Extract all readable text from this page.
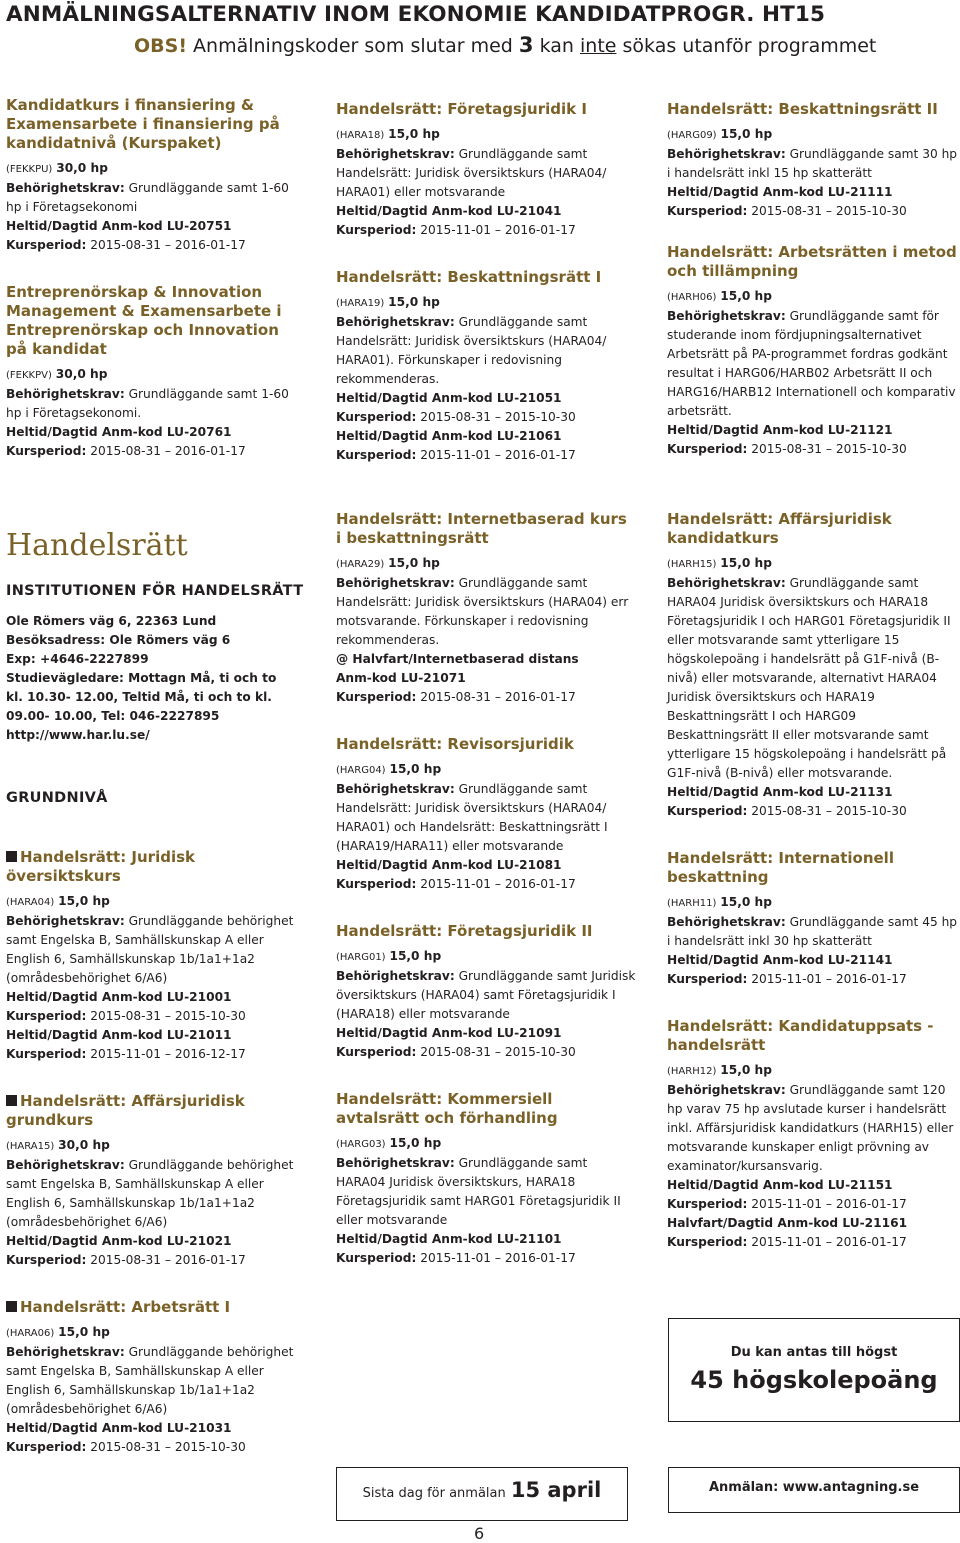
ANMÄLNINGSALTERNATIV INOM EKONOMIE KANDIDATPROGR. HT15
OBS! Anmälningskoder som slutar med 3 kan inte sökas utanför programmet
Kandidatkurs i finansiering & Examensarbete i finansiering på kandidatnivå (Kurspaket)
(FEKKPU) 30,0 hp
Behörighetskrav: Grundläggande samt 1-60 hp i Företagsekonomi
Heltid/Dagtid Anm-kod LU-20751
Kursperiod: 2015-08-31 – 2016-01-17
Entreprenörskap & Innovation Management & Examensarbete i Entreprenörskap och Innovation på kandidat
(FEKKPV) 30,0 hp
Behörighetskrav: Grundläggande samt 1-60 hp i Företagsekonomi.
Heltid/Dagtid Anm-kod LU-20761
Kursperiod: 2015-08-31 – 2016-01-17
Handelsrätt
INSTITUTIONEN FÖR HANDELSRÄTT
Ole Römers väg 6, 22363 Lund
Besöksadress: Ole Römers väg 6
Exp: +4646-2227899
Studievägledare: Mottagn Må, ti och to kl. 10.30- 12.00, Teltid Må, ti och to kl. 09.00- 10.00, Tel: 046-2227895
http://www.har.lu.se/
GRUNDNIVÅ
Handelsrätt: Juridisk översiktskurs
(HARA04) 15,0 hp
Behörighetskrav: Grundläggande behörighet samt Engelska B, Samhällskunskap A eller English 6, Samhällskunskap 1b/1a1+1a2 (områdesbehörighet 6/A6)
Heltid/Dagtid Anm-kod LU-21001
Kursperiod: 2015-08-31 – 2015-10-30
Heltid/Dagtid Anm-kod LU-21011
Kursperiod: 2015-11-01 – 2016-12-17
Handelsrätt: Affärsjuridisk grundkurs
(HARA15) 30,0 hp
Behörighetskrav: Grundläggande behörighet samt Engelska B, Samhällskunskap A eller English 6, Samhällskunskap 1b/1a1+1a2 (områdesbehörighet 6/A6)
Heltid/Dagtid Anm-kod LU-21021
Kursperiod: 2015-08-31 – 2016-01-17
Handelsrätt: Arbetsrätt I
(HARA06) 15,0 hp
Behörighetskrav: Grundläggande behörighet samt Engelska B, Samhällskunskap A eller English 6, Samhällskunskap 1b/1a1+1a2 (områdesbehörighet 6/A6)
Heltid/Dagtid Anm-kod LU-21031
Kursperiod: 2015-08-31 – 2015-10-30
Handelsrätt: Företagsjuridik I
(HARA18) 15,0 hp
Behörighetskrav: Grundläggande samt Handelsrätt: Juridisk översiktskurs (HARA04/ HARA01) eller motsvarande
Heltid/Dagtid Anm-kod LU-21041
Kursperiod: 2015-11-01 – 2016-01-17
Handelsrätt: Beskattningsrätt I
(HARA19) 15,0 hp
Behörighetskrav: Grundläggande samt Handelsrätt: Juridisk översiktskurs (HARA04/ HARA01). Förkunskaper i redovisning rekommenderas.
Heltid/Dagtid Anm-kod LU-21051
Kursperiod: 2015-08-31 – 2015-10-30
Heltid/Dagtid Anm-kod LU-21061
Kursperiod: 2015-11-01 – 2016-01-17
Handelsrätt: Internetbaserad kurs i beskattningsrätt
(HARA29) 15,0 hp
Behörighetskrav: Grundläggande samt Handelsrätt: Juridisk översiktskurs (HARA04) err motsvarande. Förkunskaper i redovisning rekommenderas.
@ Halvfart/Internetbaserad distans
Anm-kod LU-21071
Kursperiod: 2015-08-31 – 2016-01-17
Handelsrätt: Revisorsjuridik
(HARG04) 15,0 hp
Behörighetskrav: Grundläggande samt Handelsrätt: Juridisk översiktskurs (HARA04/ HARA01) och Handelsrätt: Beskattningsrätt I (HARA19/HARA11) eller motsvarande
Heltid/Dagtid Anm-kod LU-21081
Kursperiod: 2015-11-01 – 2016-01-17
Handelsrätt: Företagsjuridik II
(HARG01) 15,0 hp
Behörighetskrav: Grundläggande samt Juridisk översiktskurs (HARA04) samt Företagsjuridik I (HARA18) eller motsvarande
Heltid/Dagtid Anm-kod LU-21091
Kursperiod: 2015-08-31 – 2015-10-30
Handelsrätt: Kommersiell avtalsrätt och förhandling
(HARG03) 15,0 hp
Behörighetskrav: Grundläggande samt HARA04 Juridisk översiktskurs, HARA18 Företagsjuridik samt HARG01 Företagsjuridik II eller motsvarande
Heltid/Dagtid Anm-kod LU-21101
Kursperiod: 2015-11-01 – 2016-01-17
Handelsrätt: Beskattningsrätt II
(HARG09) 15,0 hp
Behörighetskrav: Grundläggande samt 30 hp i handelsrätt inkl 15 hp skatterätt
Heltid/Dagtid Anm-kod LU-21111
Kursperiod: 2015-08-31 – 2015-10-30
Handelsrätt: Arbetsrätten i metod och tillämpning
(HARH06) 15,0 hp
Behörighetskrav: Grundläggande samt för studerande inom fördjupningsalternativet Arbetsrätt på PA-programmet fordras godkänt resultat i HARG06/HARB02 Arbetsrätt II och HARG16/HARB12 Internationell och komparativ arbetsrätt.
Heltid/Dagtid Anm-kod LU-21121
Kursperiod: 2015-08-31 – 2015-10-30
Handelsrätt: Affärsjuridisk kandidatkurs
(HARH15) 15,0 hp
Behörighetskrav: Grundläggande samt HARA04 Juridisk översiktskurs och HARA18 Företagsjuridik I och HARG01 Företagsjuridik II eller motsvarande samt ytterligare 15 högskolepoäng i handelsrätt på G1F-nivå (B-nivå) eller motsvarande, alternativt HARA04 Juridisk översiktskurs och HARA19 Beskattningsrätt I och HARG09 Beskattningsrätt II eller motsvarande samt ytterligare 15 högskolepoäng i handelsrätt på G1F-nivå (B-nivå) eller motsvarande.
Heltid/Dagtid Anm-kod LU-21131
Kursperiod: 2015-08-31 – 2015-10-30
Handelsrätt: Internationell beskattning
(HARH11) 15,0 hp
Behörighetskrav: Grundläggande samt 45 hp i handelsrätt inkl 30 hp skatterätt
Heltid/Dagtid Anm-kod LU-21141
Kursperiod: 2015-11-01 – 2016-01-17
Handelsrätt: Kandidatuppsats - handelsrätt
(HARH12) 15,0 hp
Behörighetskrav: Grundläggande samt 120 hp varav 75 hp avslutade kurser i handelsrätt inkl. Affärsjuridisk kandidatkurs (HARH15) eller motsvarande kunskaper enligt prövning av examinator/kursansvarig.
Heltid/Dagtid Anm-kod LU-21151
Kursperiod: 2015-11-01 – 2016-01-17
Halvfart/Dagtid Anm-kod LU-21161
Kursperiod: 2015-11-01 – 2016-01-17
Du kan antas till högst
45 högskolepoäng
Anmälan: www.antagning.se
Sista dag för anmälan 15 april
6
